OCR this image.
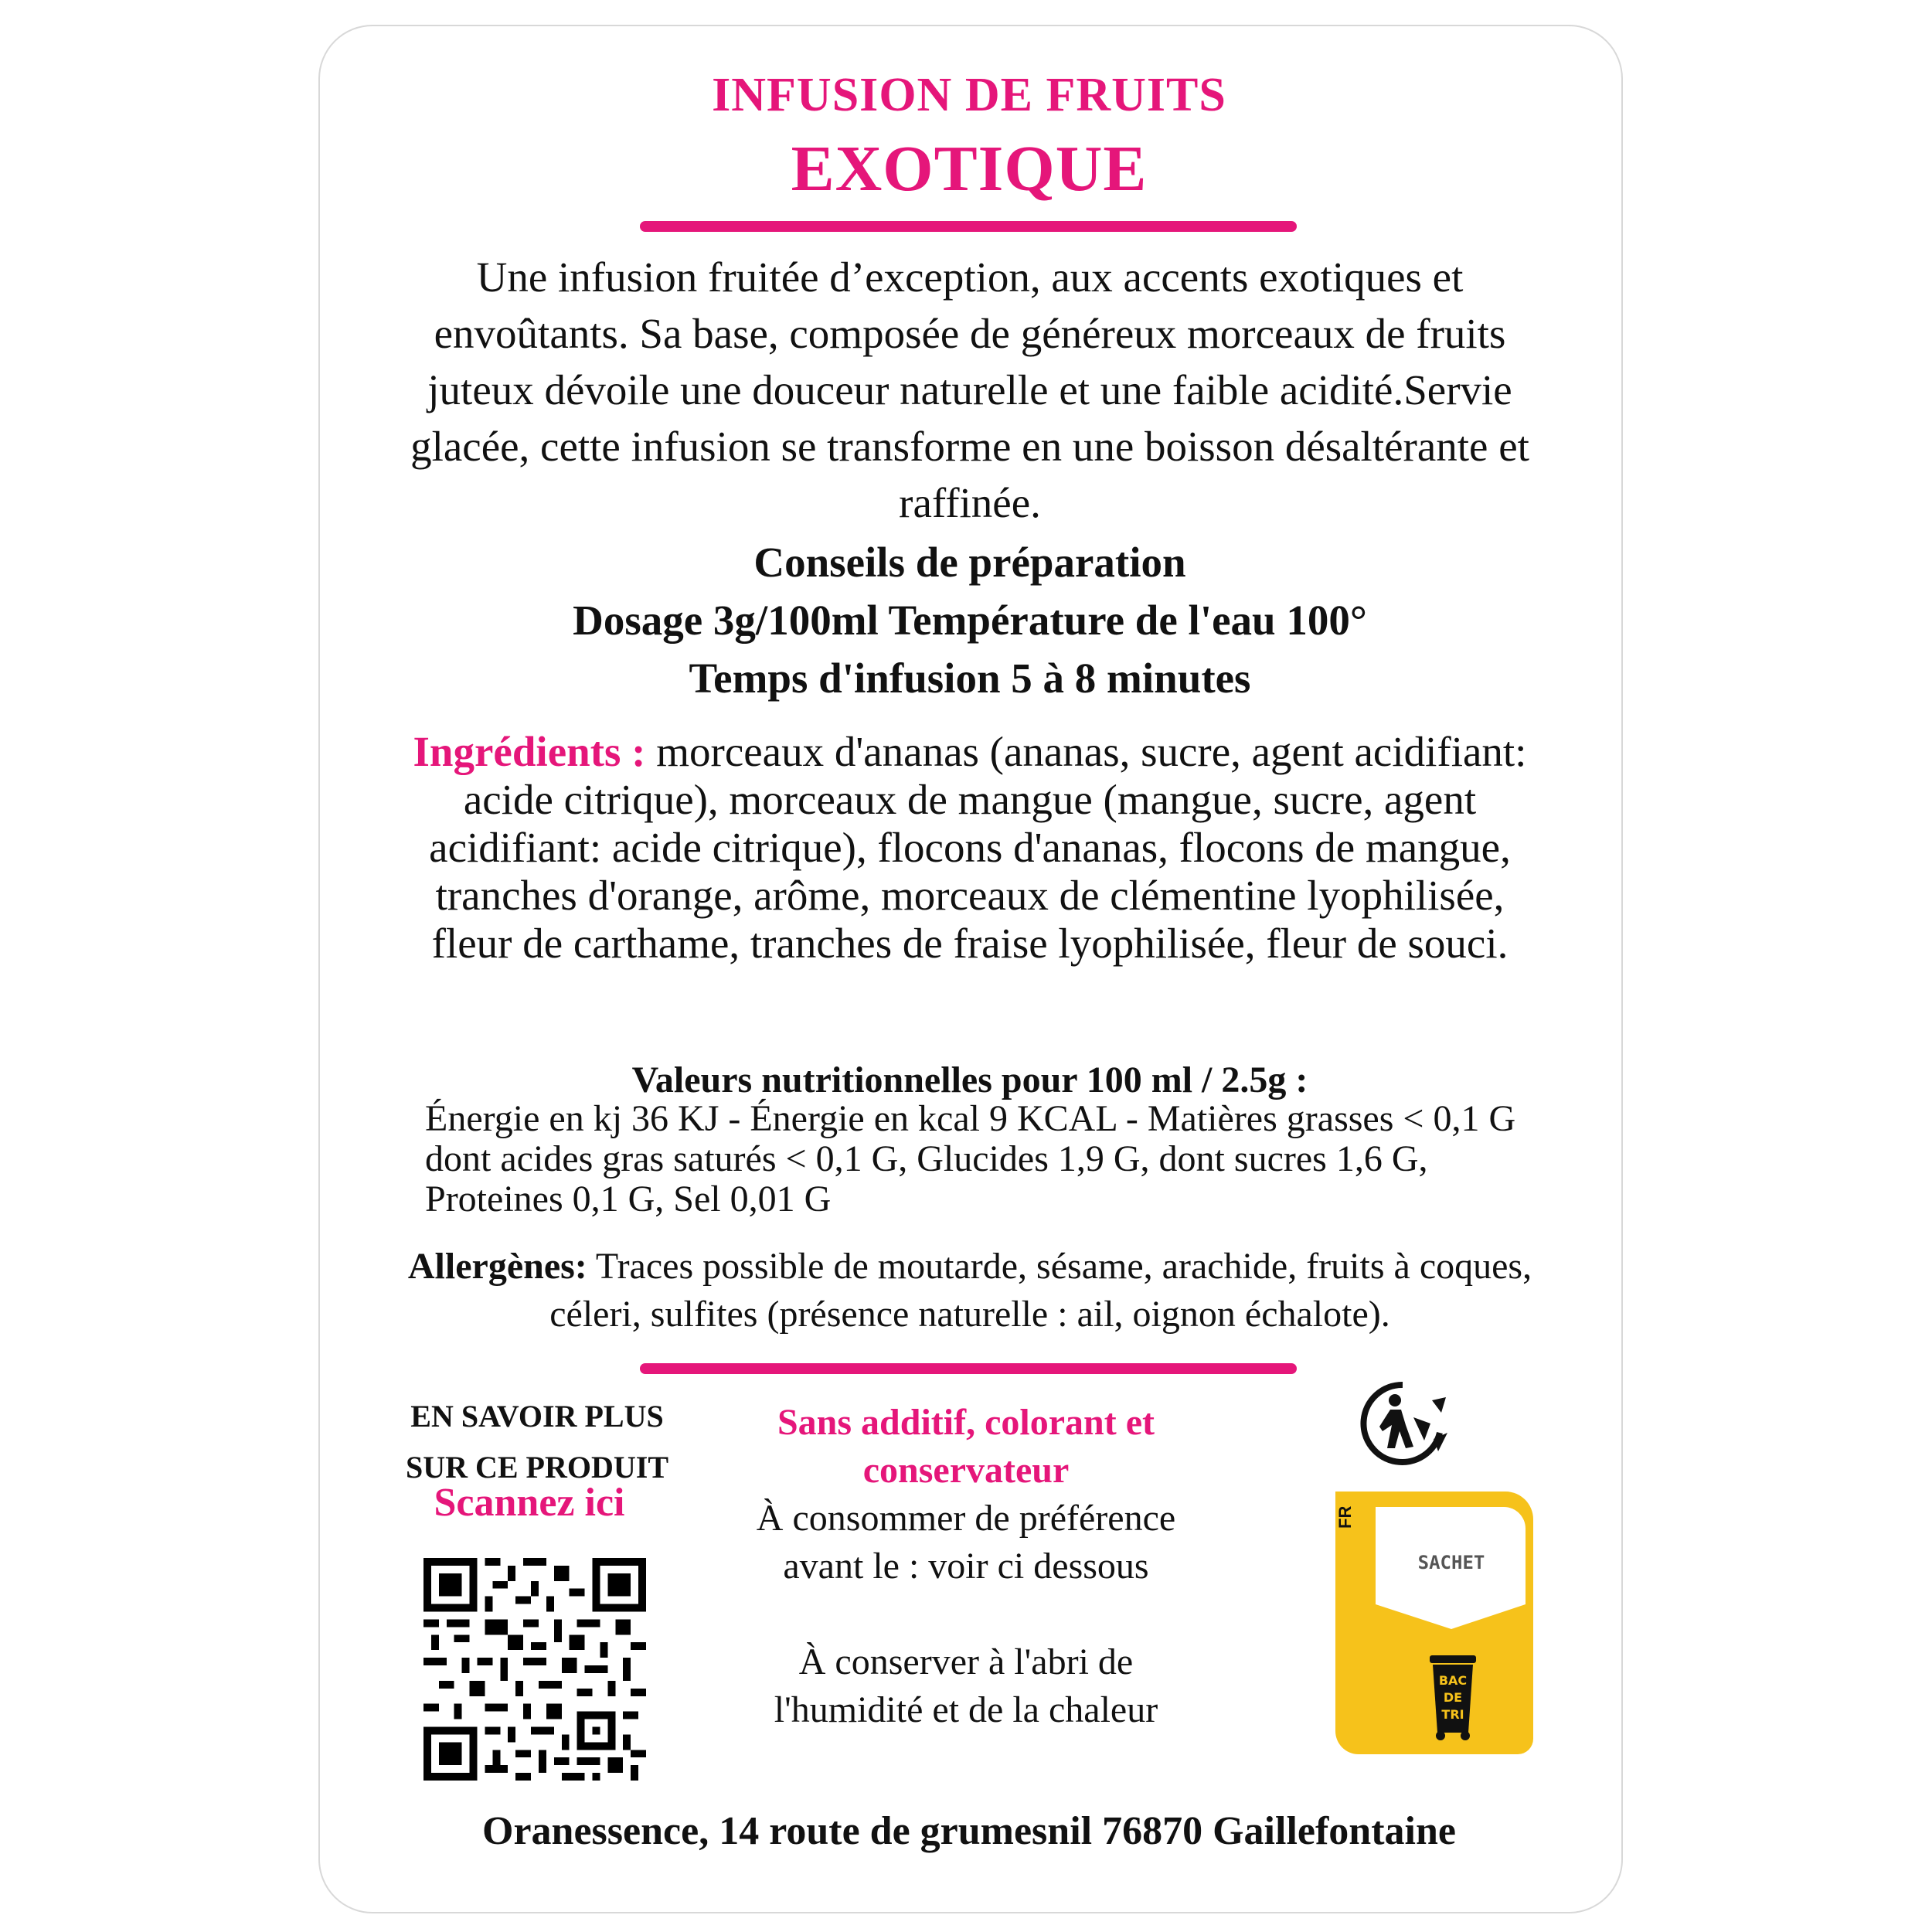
INFUSION DE FRUITS
EXOTIQUE
Une infusion fruitée d’exception, aux accents exotiques et envoûtants. Sa base, composée de généreux morceaux de fruits juteux dévoile une douceur naturelle et une faible acidité.Servie glacée, cette infusion se transforme en une boisson désaltérante et raffinée.
Conseils de préparation
Dosage 3g/100ml Température de l'eau 100°
Temps d'infusion 5 à 8 minutes
Ingrédients : morceaux d'ananas (ananas, sucre, agent acidifiant: acide citrique), morceaux de mangue (mangue, sucre, agent acidifiant: acide citrique), flocons d'ananas, flocons de mangue, tranches d'orange, arôme, morceaux de clémentine lyophilisée, fleur de carthame, tranches de fraise lyophilisée, fleur de souci.
Valeurs nutritionnelles pour 100 ml / 2.5g :
Énergie en kj 36 KJ - Énergie en kcal 9 KCAL - Matières grasses < 0,1 G dont acides gras saturés < 0,1 G, Glucides 1,9 G, dont sucres 1,6 G, Proteines 0,1 G, Sel 0,01 G
Allergènes: Traces possible de moutarde, sésame, arachide, fruits à coques, céleri, sulfites (présence naturelle : ail, oignon échalote).
EN SAVOIR PLUS
SUR CE PRODUIT
Scannez ici
Sans additif, colorant et conservateur
À consommer de préférence avant le : voir ci dessous
À conserver à l'abri de l'humidité et de la chaleur
FR
SACHET
BAC
DE
TRI
Oranessence, 14 route de grumesnil 76870 Gaillefontaine
